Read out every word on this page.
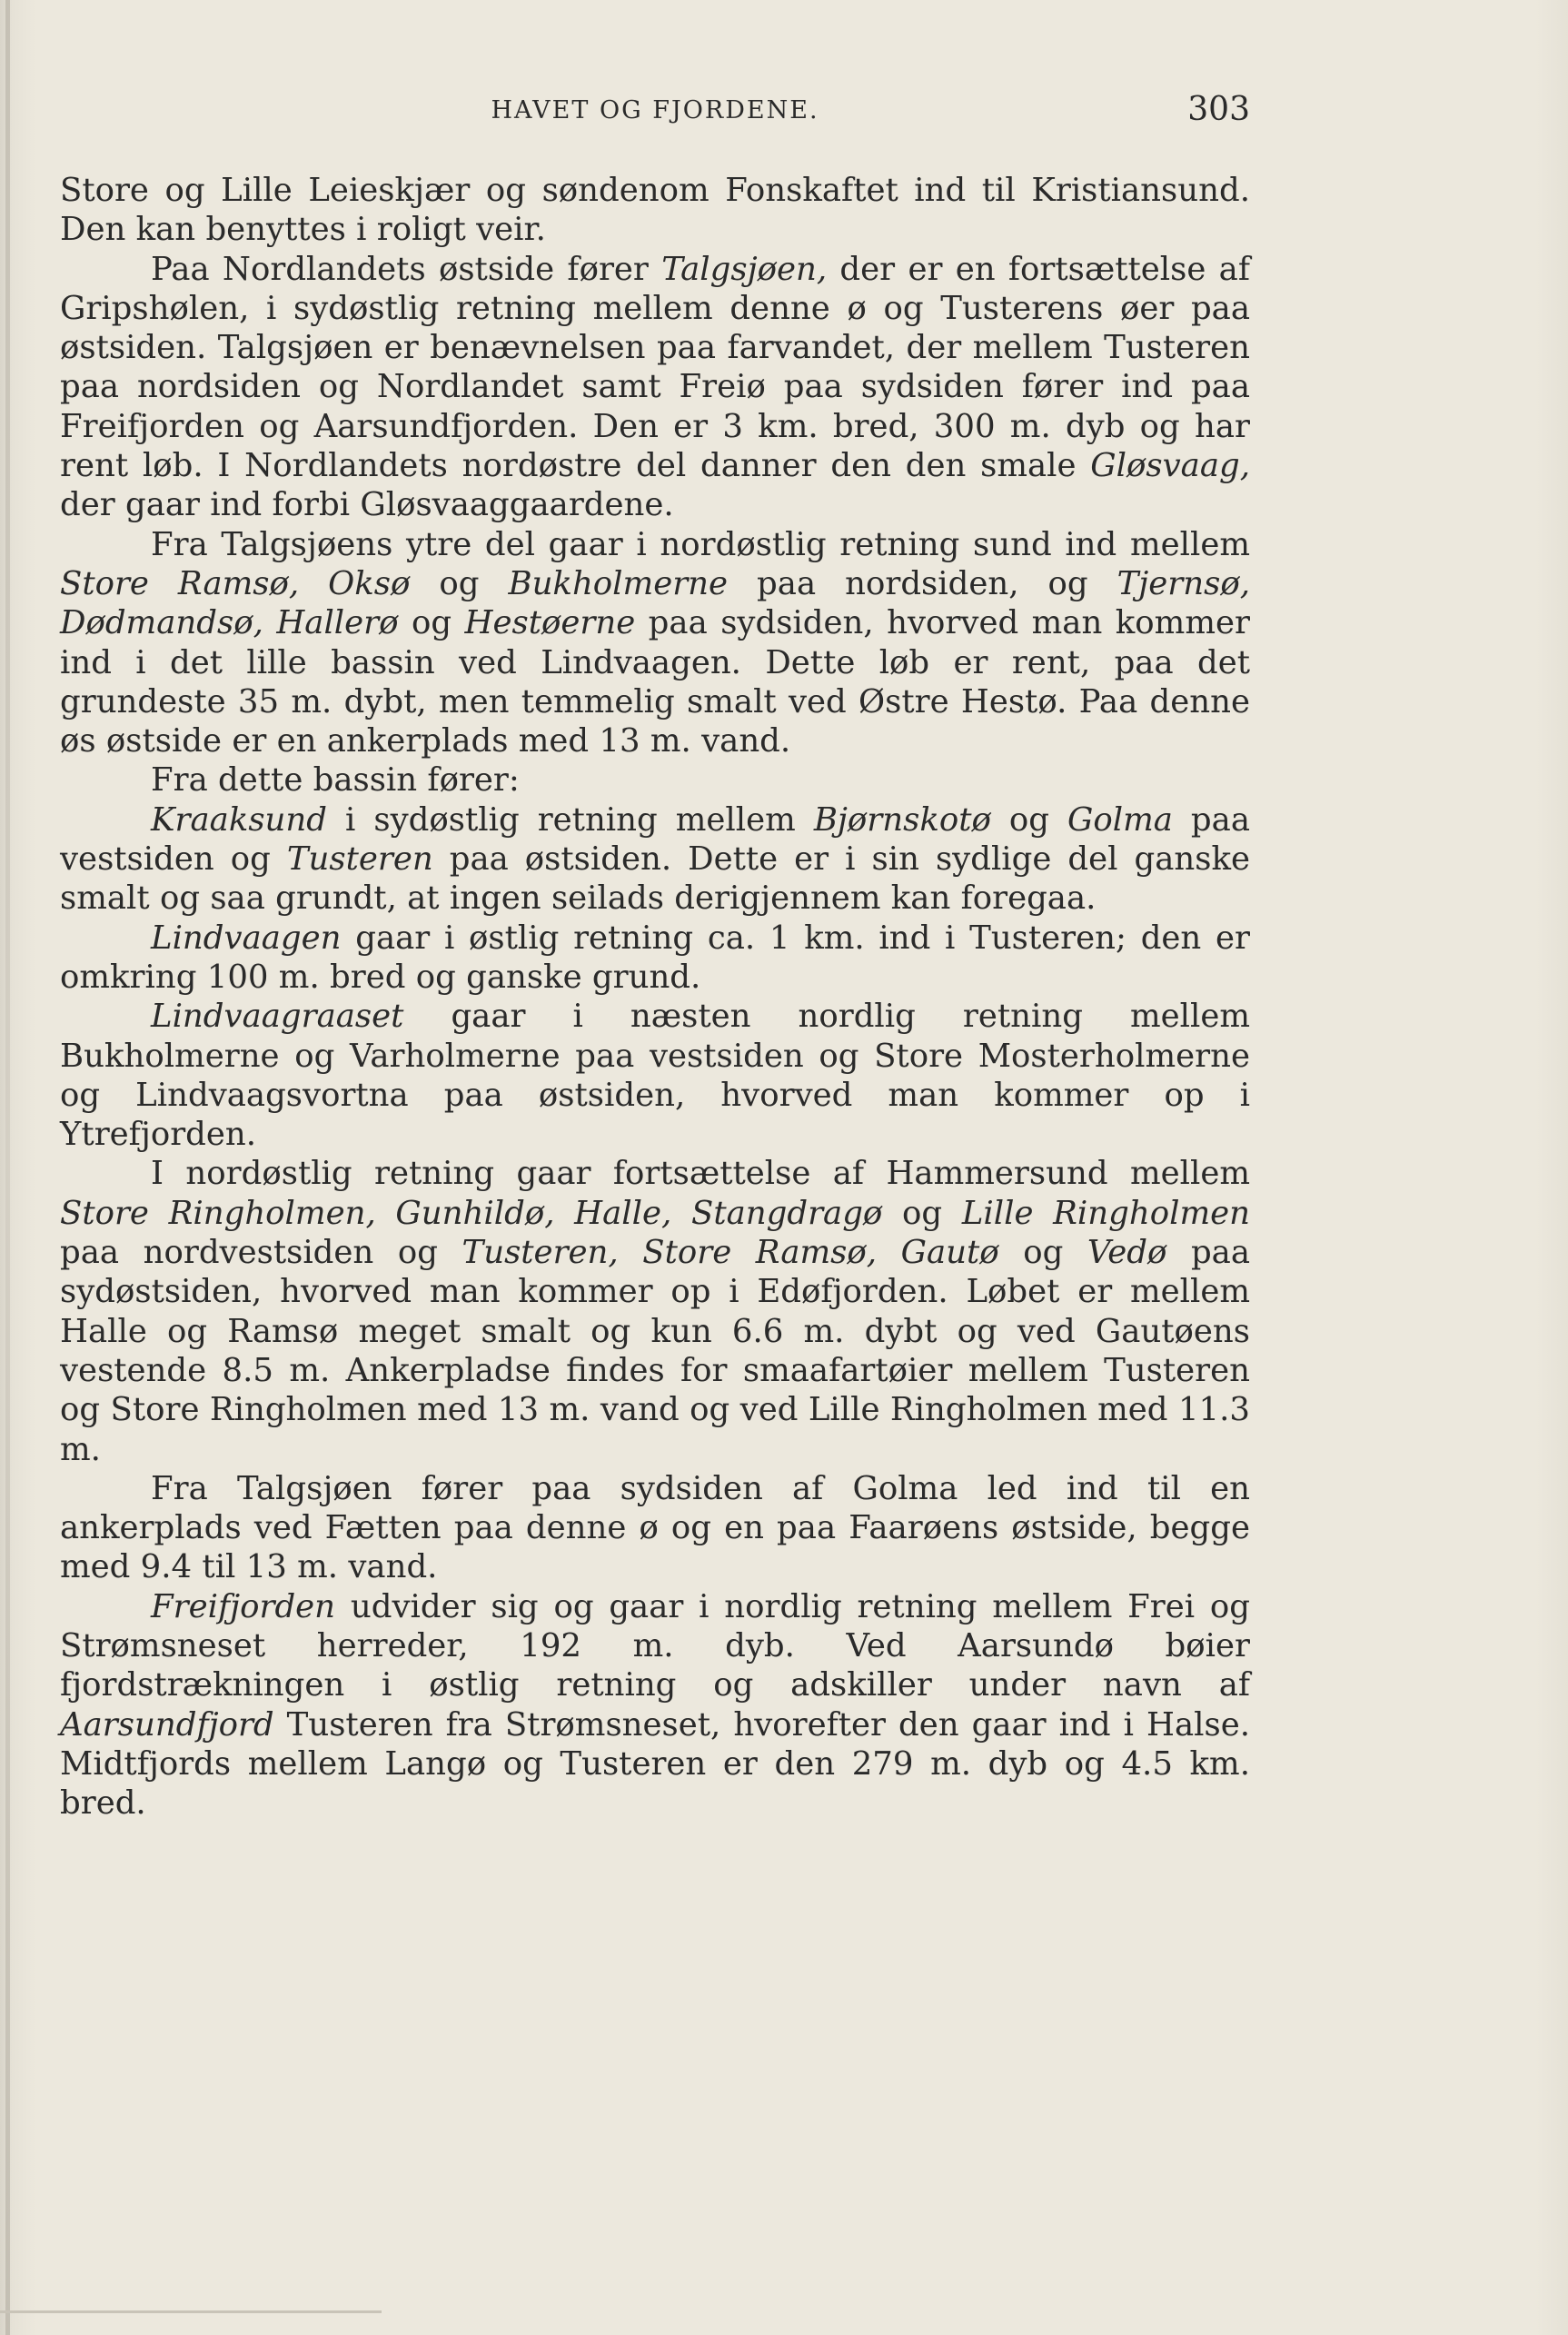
HAVET OG FJORDENE.	303

Store og Lille Leieskjær og søndenom Fonskaftet ind til Kristiansund. Den kan benyttes i roligt veir.

Paa Nordlandets østside fører Talgsjøen, der er en fortsættelse af Gripshølen, i sydøstlig retning mellem denne ø og Tusterens øer paa østsiden. Talgsjøen er benævnelsen paa farvandet, der mellem Tusteren paa nordsiden og Nordlandet samt Freiø paa sydsiden fører ind paa Freifjorden og Aarsundfjorden. Den er 3 km. bred, 300 m. dyb og har rent løb. I Nordlandets nordøstre del danner den den smale Gløsvaag, der gaar ind forbi Gløsvaaggaardene.

Fra Talgsjøens ytre del gaar i nordøstlig retning sund ind mellem Store Ramsø, Oksø og Bukholmerne paa nordsiden, og Tjernsø, Dødmandsø, Hallerø og Hestøerne paa sydsiden, hvorved man kommer ind i det lille bassin ved Lindvaagen. Dette løb er rent, paa det grundeste 35 m. dybt, men temmelig smalt ved Østre Hestø. Paa denne øs østside er en ankerplads med 13 m. vand.

Fra dette bassin fører:

Kraaksund i sydøstlig retning mellem Bjørnskotø og Golma paa vestsiden og Tusteren paa østsiden. Dette er i sin sydlige del ganske smalt og saa grundt, at ingen seilads derigjennem kan foregaa.

Lindvaagen gaar i østlig retning ca. 1 km. ind i Tusteren; den er omkring 100 m. bred og ganske grund.

Lindvaagraaset gaar i næsten nordlig retning mellem Bukholmerne og Varholmerne paa vestsiden og Store Mosterholmerne og Lindvaagsvortna paa østsiden, hvorved man kommer op i Ytrefjorden.

I nordøstlig retning gaar fortsættelse af Hammersund mellem Store Ringholmen, Gunhildø, Halle, Stangdragø og Lille Ringholmen paa nordvestsiden og Tusteren, Store Ramsø, Gautø og Vedø paa sydøstsiden, hvorved man kommer op i Edøfjorden. Løbet er mellem Halle og Ramsø meget smalt og kun 6.6 m. dybt og ved Gautøens vestende 8.5 m. Ankerpladse findes for smaafartøier mellem Tusteren og Store Ringholmen med 13 m. vand og ved Lille Ringholmen med 11.3 m.

Fra Talgsjøen fører paa sydsiden af Golma led ind til en ankerplads ved Fætten paa denne ø og en paa Faarøens østside, begge med 9.4 til 13 m. vand.

Freifjorden udvider sig og gaar i nordlig retning mellem Frei og Strømsneset herreder, 192 m. dyb. Ved Aarsundø bøier fjordstrækningen i østlig retning og adskiller under navn af Aarsundfjord Tusteren fra Strømsneset, hvorefter den gaar ind i Halse. Midtfjords mellem Langø og Tusteren er den 279 m. dyb og 4.5 km. bred.
